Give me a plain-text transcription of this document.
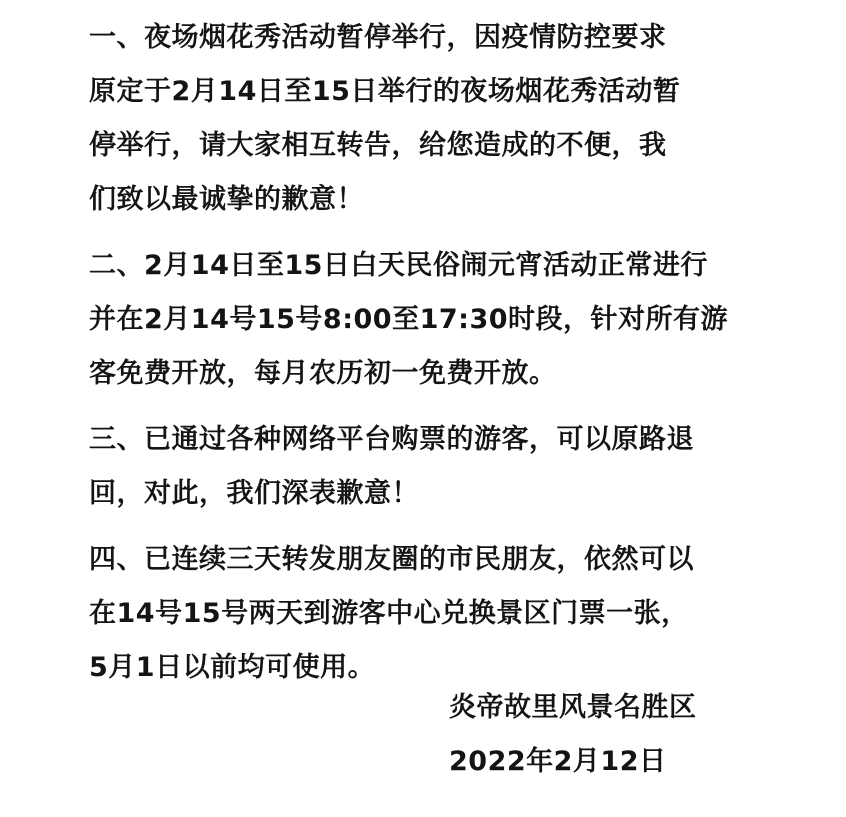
一、夜场烟花秀活动暂停举行，因疫情防控要求
原定于2月14日至15日举行的夜场烟花秀活动暂
停举行，请大家相互转告，给您造成的不便，我
们致以最诚挚的歉意！

二、2月14日至15日白天民俗闹元宵活动正常进行
并在2月14号15号8:00至17:30时段，针对所有游
客免费开放，每月农历初一免费开放。

三、已通过各种网络平台购票的游客，可以原路退
回，对此，我们深表歉意！

四、已连续三天转发朋友圈的市民朋友，依然可以
在14号15号两天到游客中心兑换景区门票一张，
5月1日以前均可使用。

炎帝故里风景名胜区
2022年2月12日
